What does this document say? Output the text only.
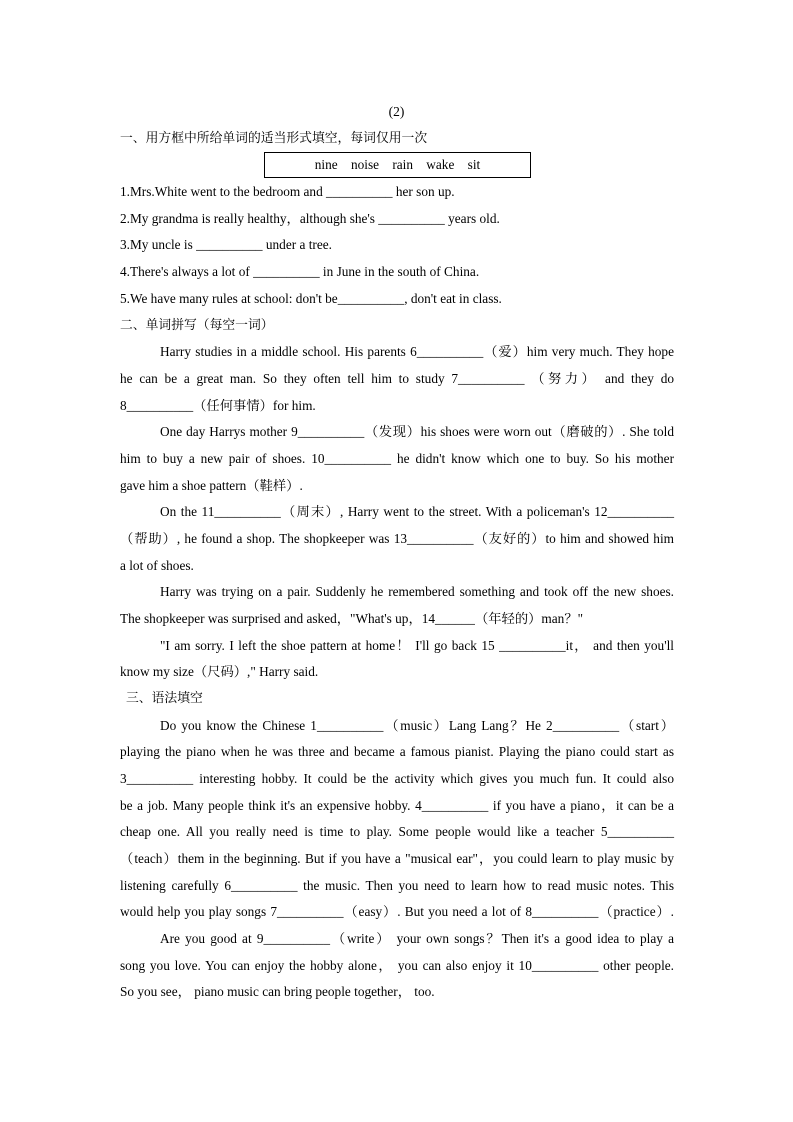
(2)
一、用方框中所给单词的适当形式填空，每词仅用一次
nine    noise    rain    wake    sit
1.Mrs.White went to the bedroom and __________ her son up.
2.My grandma is really healthy，although she's __________ years old.
3.My uncle is __________ under a tree.
4.There's always a lot of __________ in June in the south of China.
5.We have many rules at school: don't be__________, don't eat in class.
二、单词拼写（每空一词）
Harry studies in a middle school. His parents 6__________（爱）him very much. They hope
he can be a great man. So they often tell him to study 7__________ （努力） and they do
8__________（任何事情）for him.
One day Harrys mother 9__________（发现）his shoes were worn out（磨破的）. She told
him to buy a new pair of shoes. 10__________ he didn't know which one to buy. So his mother
gave him a shoe pattern（鞋样）.
On the 11__________（周末）, Harry went to the street. With a policeman's 12__________
（帮助）, he found a shop. The shopkeeper was 13__________（友好的）to him and showed him
a lot of shoes.
Harry was trying on a pair. Suddenly he remembered something and took off the new shoes.
The shopkeeper was surprised and asked，"What's up，14______（年轻的）man？"
"I am sorry. I left the shoe pattern at home！ I'll go back 15 __________it， and then you'll
know my size（尺码）," Harry said.
三、语法填空
Do you know the Chinese 1__________（music）Lang Lang？He 2__________（start）
playing the piano when he was three and became a famous pianist. Playing the piano could start as
3__________ interesting hobby. It could be the activity which gives you much fun. It could also
be a job. Many people think it's an expensive hobby. 4__________ if you have a piano，it can be a
cheap one. All you really need is time to play. Some people would like a teacher 5__________
（teach）them in the beginning. But if you have a "musical ear"，you could learn to play music by
listening carefully 6__________ the music. Then you need to learn how to read music notes. This
would help you play songs 7__________（easy）. But you need a lot of 8__________（practice）.
Are you good at 9__________（write） your own songs？Then it's a good idea to play a
song you love. You can enjoy the hobby alone， you can also enjoy it 10__________ other people.
So you see， piano music can bring people together， too.
